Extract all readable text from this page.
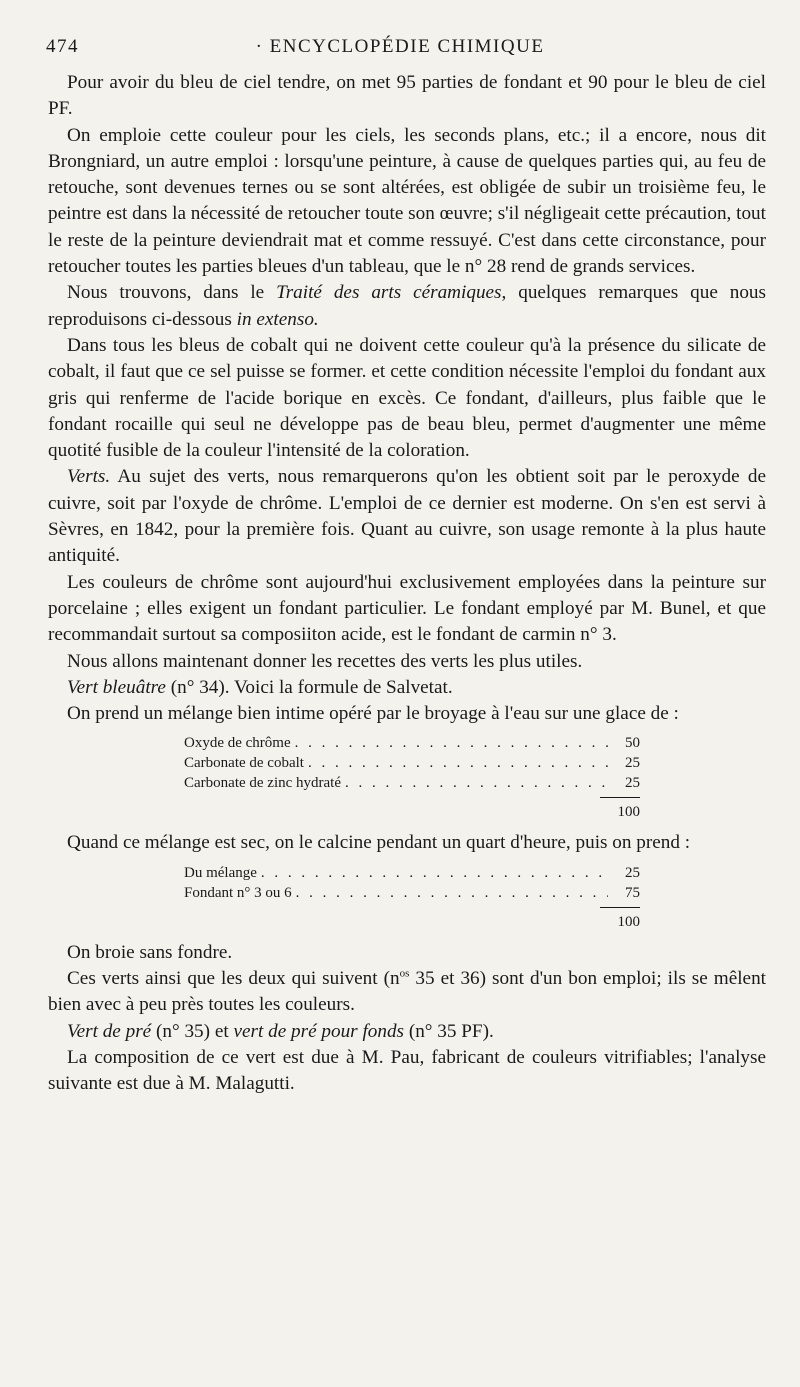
474	· ENCYCLOPÉDIE CHIMIQUE

Pour avoir du bleu de ciel tendre, on met 95 parties de fondant et 90 pour le bleu de ciel PF.

On emploie cette couleur pour les ciels, les seconds plans, etc.; il a encore, nous dit Brongniard, un autre emploi : lorsqu'une peinture, à cause de quelques parties qui, au feu de retouche, sont devenues ternes ou se sont altérées, est obligée de subir un troisième feu, le peintre est dans la nécessité de retoucher toute son œuvre; s'il négligeait cette précaution, tout le reste de la peinture deviendrait mat et comme ressuyé. C'est dans cette circonstance, pour retoucher toutes les parties bleues d'un tableau, que le n° 28 rend de grands services.

Nous trouvons, dans le Traité des arts céramiques, quelques remarques que nous reproduisons ci-dessous in extenso.

Dans tous les bleus de cobalt qui ne doivent cette couleur qu'à la présence du silicate de cobalt, il faut que ce sel puisse se former. et cette condition nécessite l'emploi du fondant aux gris qui renferme de l'acide borique en excès. Ce fondant, d'ailleurs, plus faible que le fondant rocaille qui seul ne développe pas de beau bleu, permet d'augmenter une même quotité fusible de la couleur l'intensité de la coloration.

Verts. Au sujet des verts, nous remarquerons qu'on les obtient soit par le peroxyde de cuivre, soit par l'oxyde de chrôme. L'emploi de ce dernier est moderne. On s'en est servi à Sèvres, en 1842, pour la première fois. Quant au cuivre, son usage remonte à la plus haute antiquité.

Les couleurs de chrôme sont aujourd'hui exclusivement employées dans la peinture sur porcelaine ; elles exigent un fondant particulier. Le fondant employé par M. Bunel, et que recommandait surtout sa composiiton acide, est le fondant de carmin n° 3.

Nous allons maintenant donner les recettes des verts les plus utiles.

Vert bleuâtre (n° 34). Voici la formule de Salvetat.

On prend un mélange bien intime opéré par le broyage à l'eau sur une glace de :

Oxyde de chrôme . . .	50
Carbonate de cobalt . . .	25
Carbonate de zinc hydraté . . .	25
100

Quand ce mélange est sec, on le calcine pendant un quart d'heure, puis on prend :

Du mélange . . .	25
Fondant n° 3 ou 6 . . .	75
100

On broie sans fondre.

Ces verts ainsi que les deux qui suivent ($n^{os}$ 35 et 36) sont d'un bon emploi; ils se mêlent bien avec à peu près toutes les couleurs.

Vert de pré (n° 35) et vert de pré pour fonds (n° 35 PF).

La composition de ce vert est due à M. Pau, fabricant de couleurs vitrifiables; l'analyse suivante est due à M. Malagutti.
